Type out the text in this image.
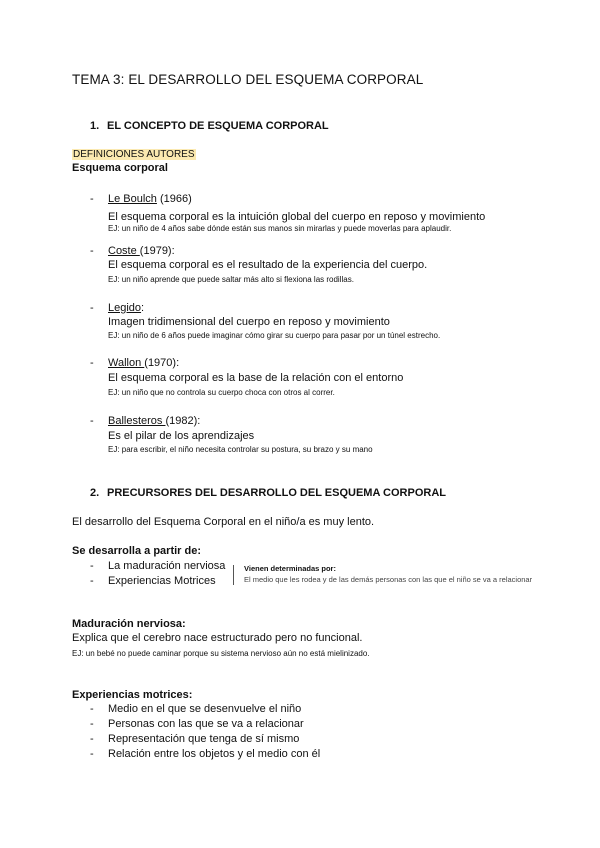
TEMA 3: EL DESARROLLO DEL ESQUEMA CORPORAL
1. EL CONCEPTO DE ESQUEMA CORPORAL
DEFINICIONES AUTORES
Esquema corporal
- Le Boulch (1966)
El esquema corporal es la intuición global del cuerpo en reposo y movimiento
EJ: un niño de 4 años sabe dónde están sus manos sin mirarlas y puede moverlas para aplaudir.
- Coste (1979):
El esquema corporal es el resultado de la experiencia del cuerpo.
EJ: un niño aprende que puede saltar más alto si flexiona las rodillas.
- Legido:
Imagen tridimensional del cuerpo en reposo y movimiento
EJ: un niño de 6 años puede imaginar cómo girar su cuerpo para pasar por un túnel estrecho.
- Wallon (1970):
El esquema corporal es la base de la relación con el entorno
EJ: un niño que no controla su cuerpo choca con otros al correr.
- Ballesteros (1982):
Es el pilar de los aprendizajes
EJ: para escribir, el niño necesita controlar su postura, su brazo y su mano
2. PRECURSORES DEL DESARROLLO DEL ESQUEMA CORPORAL
El desarrollo del Esquema Corporal en el niño/a es muy lento.
Se desarrolla a partir de:
- La maduración nerviosa
- Experiencias Motrices
Vienen determinadas por:
El medio que les rodea y de las demás personas con las que el niño se va a relacionar
Maduración nerviosa:
Explica que el cerebro nace estructurado pero no funcional.
EJ: un bebé no puede caminar porque su sistema nervioso aún no está mielinizado.
Experiencias motrices:
- Medio en el que se desenvuelve el niño
- Personas con las que se va a relacionar
- Representación que tenga de sí mismo
- Relación entre los objetos y el medio con él
